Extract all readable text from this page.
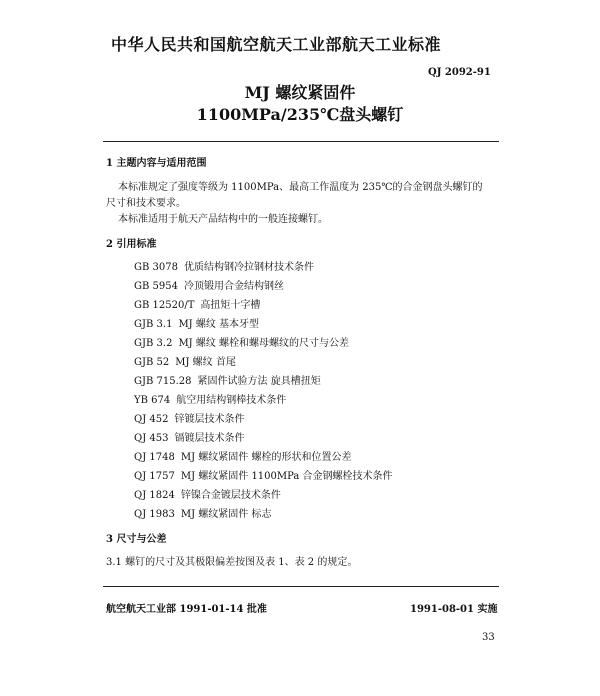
中华人民共和国航空航天工业部航天工业标准
QJ 2092-91
MJ 螺纹紧固件
1100MPa/235℃盘头螺钉
1 主题内容与适用范围
本标准规定了强度等级为 1100MPa、最高工作温度为 235℃的合金钢盘头螺钉的
尺寸和技术要求。
本标准适用于航天产品结构中的一般连接螺钉。
2 引用标准
GB 3078 优质结构钢冷拉钢材技术条件
GB 5954 冷顶锻用合金结构钢丝
GB 12520/T 高扭矩十字槽
GJB 3.1 MJ 螺纹 基本牙型
GJB 3.2 MJ 螺纹 螺栓和螺母螺纹的尺寸与公差
GJB 52 MJ 螺纹 首尾
GJB 715.28 紧固件试验方法 旋具槽扭矩
YB 674 航空用结构钢棒技术条件
QJ 452 锌镀层技术条件
QJ 453 镉镀层技术条件
QJ 1748 MJ 螺纹紧固件 螺栓的形状和位置公差
QJ 1757 MJ 螺纹紧固件 1100MPa 合金钢螺栓技术条件
QJ 1824 锌镍合金镀层技术条件
QJ 1983 MJ 螺纹紧固件 标志
3 尺寸与公差
3.1 螺钉的尺寸及其极限偏差按图及表 1、表 2 的规定。
航空航天工业部 1991-01-14 批准	1991-08-01 实施
33
